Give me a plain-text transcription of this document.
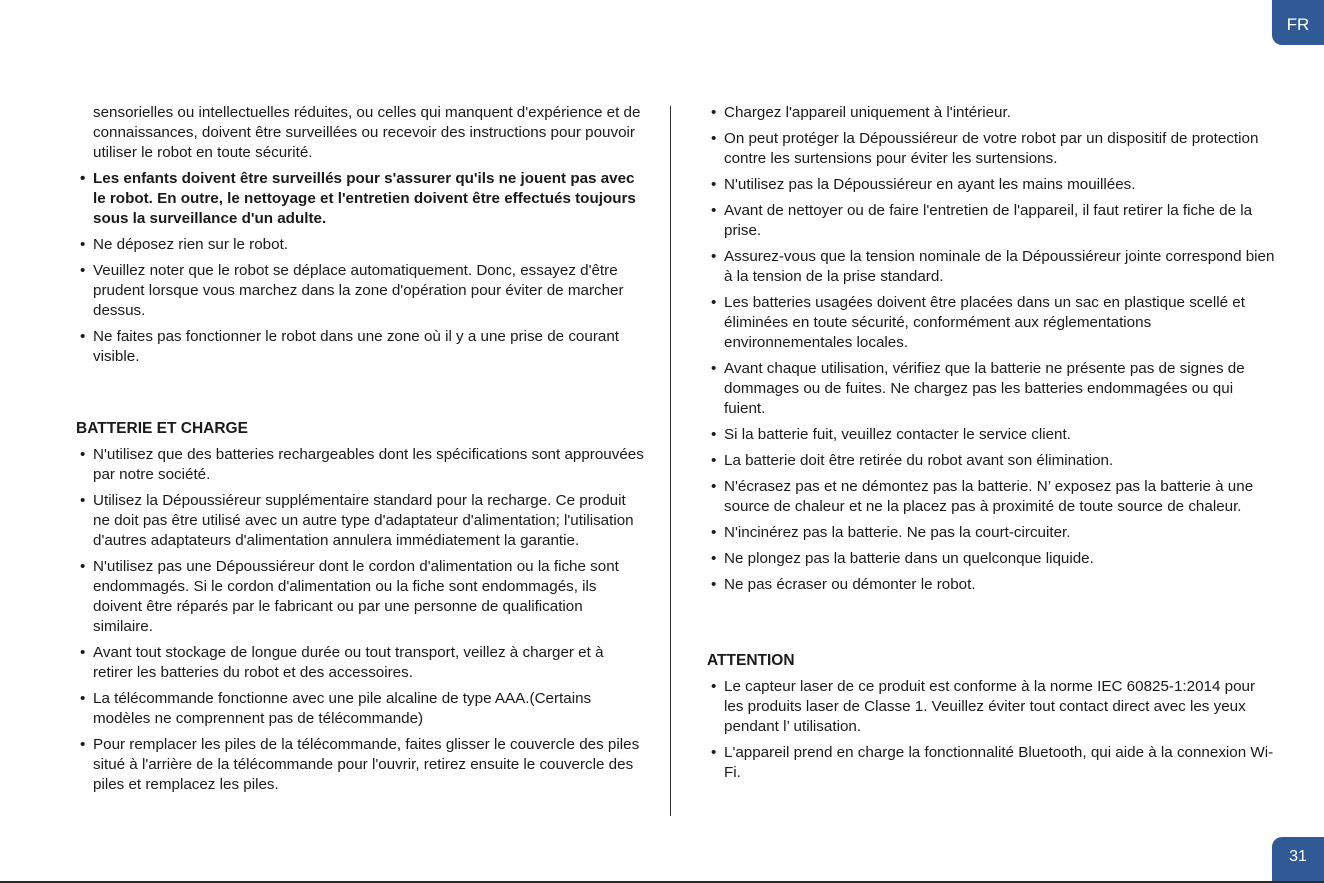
FR
sensorielles ou intellectuelles réduites, ou celles qui manquent d'expérience et de connaissances, doivent être surveillées ou recevoir des instructions pour pouvoir utiliser le robot en toute sécurité.
• Les enfants doivent être surveillés pour s'assurer qu'ils ne jouent pas avec le robot. En outre, le nettoyage et l'entretien doivent être effectués toujours sous la surveillance d'un adulte.
• Ne déposez rien sur le robot.
• Veuillez noter que le robot se déplace automatiquement. Donc, essayez d'être prudent lorsque vous marchez dans la zone d'opération pour éviter de marcher dessus.
• Ne faites pas fonctionner le robot dans une zone où il y a une prise de courant visible.
BATTERIE ET CHARGE
• N'utilisez que des batteries rechargeables dont les spécifications sont approuvées par notre société.
• Utilisez la Dépoussiéreur supplémentaire standard pour la recharge. Ce produit ne doit pas être utilisé avec un autre type d'adaptateur d'alimentation; l'utilisation d'autres adaptateurs d'alimentation annulera immédiatement la garantie.
• N'utilisez pas une Dépoussiéreur dont le cordon d'alimentation ou la fiche sont endommagés. Si le cordon d'alimentation ou la fiche sont endommagés, ils doivent être réparés par le fabricant ou par une personne de qualification similaire.
• Avant tout stockage de longue durée ou tout transport, veillez à charger et à retirer les batteries du robot et des accessoires.
• La télécommande fonctionne avec une pile alcaline de type AAA.(Certains modèles ne comprennent pas de télécommande)
• Pour remplacer les piles de la télécommande, faites glisser le couvercle des piles situé à l'arrière de la télécommande pour l'ouvrir, retirez ensuite le couvercle des piles et remplacez les piles.
• Chargez l'appareil uniquement à l'intérieur.
• On peut protéger la Dépoussiéreur de votre robot par un dispositif de protection contre les surtensions pour éviter les surtensions.
• N'utilisez pas la Dépoussiéreur en ayant les mains mouillées.
• Avant de nettoyer ou de faire l'entretien de l'appareil, il faut retirer la fiche de la prise.
• Assurez-vous que la tension nominale de la Dépoussiéreur jointe correspond bien à la tension de la prise standard.
• Les batteries usagées doivent être placées dans un sac en plastique scellé et éliminées en toute sécurité, conformément aux réglementations environnementales locales.
• Avant chaque utilisation, vérifiez que la batterie ne présente pas de signes de dommages ou de fuites. Ne chargez pas les batteries endommagées ou qui fuient.
• Si la batterie fuit, veuillez contacter le service client.
• La batterie doit être retirée du robot avant son élimination.
• N'écrasez pas et ne démontez pas la batterie. N’ exposez pas la batterie à une source de chaleur et ne la placez pas à proximité de toute source de chaleur.
• N'incinérez pas la batterie. Ne pas la court-circuiter.
• Ne plongez pas la batterie dans un quelconque liquide.
• Ne pas écraser ou démonter le robot.
ATTENTION
• Le capteur laser de ce produit est conforme à la norme IEC 60825-1:2014 pour les produits laser de Classe 1. Veuillez éviter tout contact direct avec les yeux pendant l’ utilisation.
• L'appareil prend en charge la fonctionnalité Bluetooth, qui aide à la connexion Wi-Fi.
31
